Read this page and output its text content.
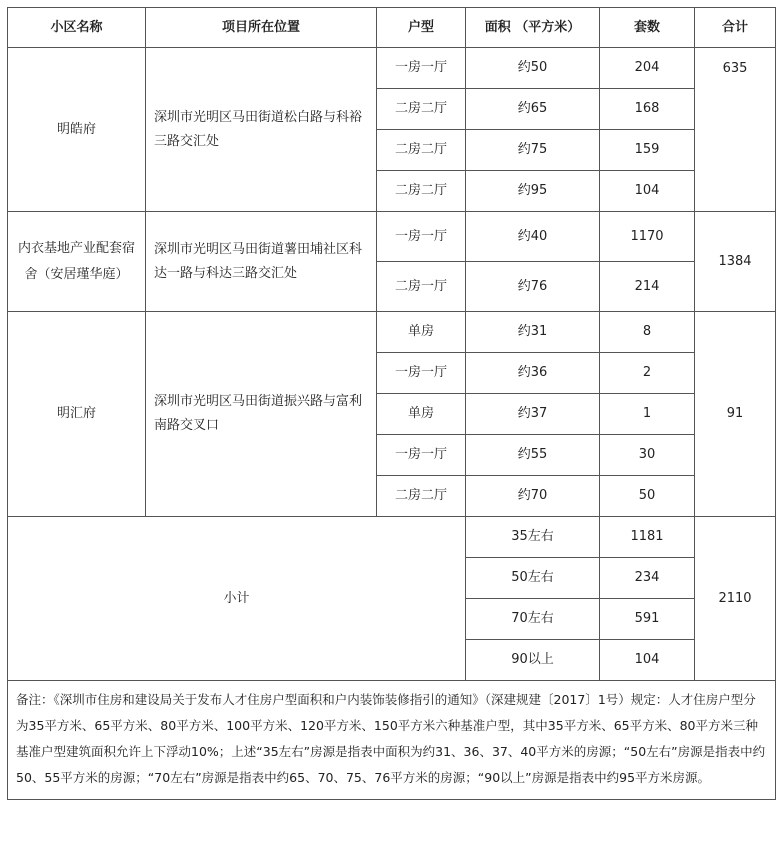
小区名称	项目所在位置	户型	面积 （平方米）	套数	合计
明皓府	深圳市光明区马田街道松白路与科裕三路交汇处	一房一厅	约50	204	635
		二房二厅	约65	168	
		二房二厅	约75	159	
		二房二厅	约95	104	
内衣基地产业配套宿舍（安居瑾华庭）	深圳市光明区马田街道薯田埔社区科达一路与科达三路交汇处	一房一厅	约40	1170	1384
		二房一厅	约76	214	
明汇府	深圳市光明区马田街道振兴路与富利南路交叉口	单房	约31	8	91
		一房一厅	约36	2	
		单房	约37	1	
		一房一厅	约55	30	
		二房二厅	约70	50	
小计			35左右	1181	2110
			50左右	234	
			70左右	591	
			90以上	104	
备注：《深圳市住房和建设局关于发布人才住房户型面积和户内装饰装修指引的通知》（深建规建〔2017〕1号）规定：人才住房户型分为35平方米、65平方米、80平方米、100平方米、120平方米、150平方米六种基准户型，其中35平方米、65平方米、80平方米三种基准户型建筑面积允许上下浮动10%；上述“35左右”房源是指表中面积为约31、36、37、40平方米的房源；“50左右”房源是指表中约50、55平方米的房源；“70左右”房源是指表中约65、70、75、76平方米的房源；“90以上”房源是指表中约95平方米房源。					
